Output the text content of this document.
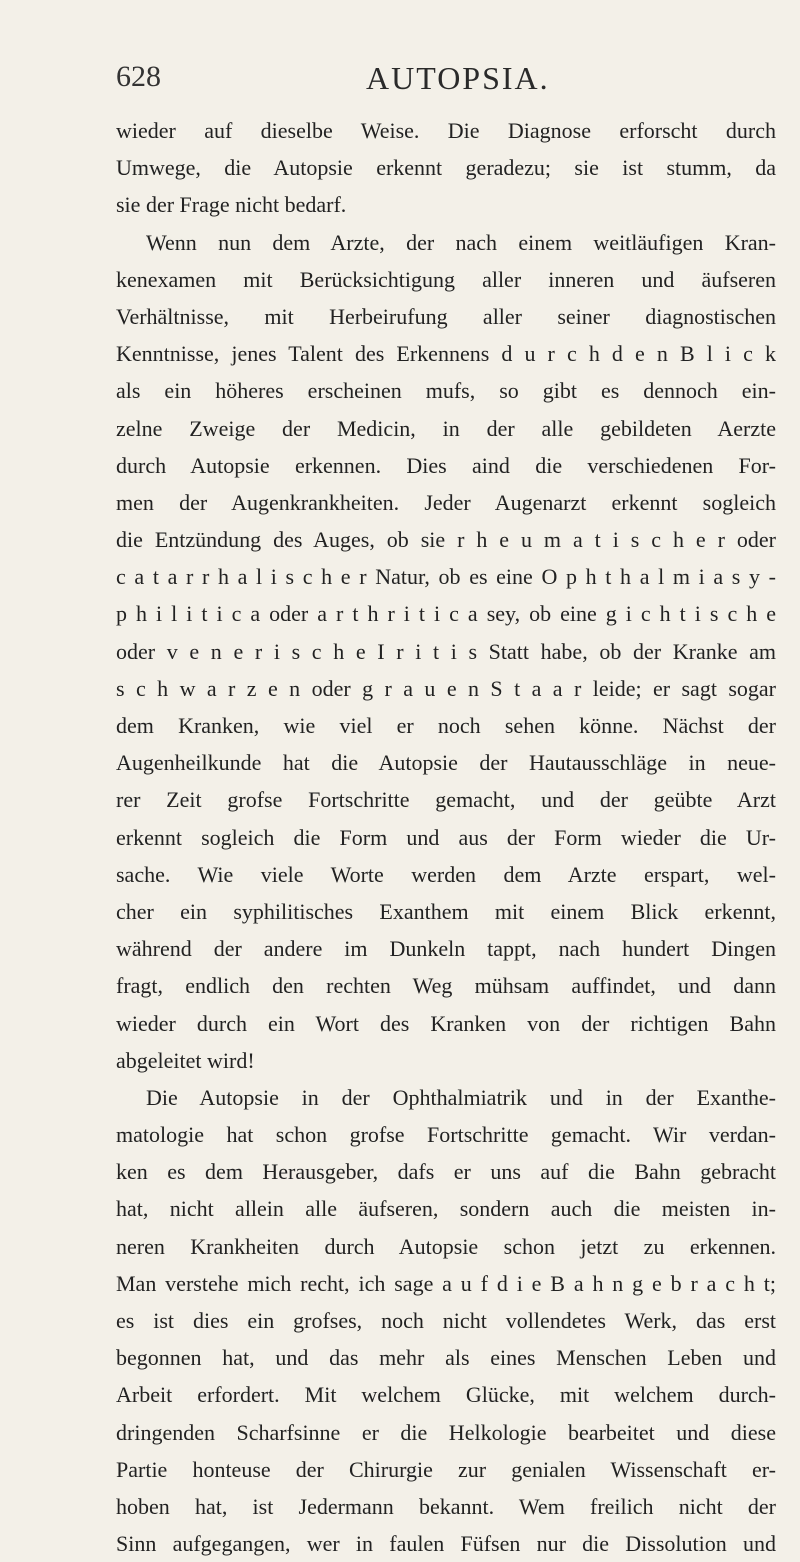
628	AUTOPSIA.
wieder auf dieselbe Weise. Die Diagnose erforscht durch
Umwege, die Autopsie erkennt geradezu; sie ist stumm, da
sie der Frage nicht bedarf.
Wenn nun dem Arzte, der nach einem weitläufigen Kran-
kenexamen mit Berücksichtigung aller inneren und äufseren
Verhältnisse, mit Herbeirufung aller seiner diagnostischen
Kenntnisse, jenes Talent des Erkennens d u r c h d e n B l i c k
als ein höheres erscheinen mufs, so gibt es dennoch ein-
zelne Zweige der Medicin, in der alle gebildeten Aerzte
durch Autopsie erkennen. Dies aind die verschiedenen For-
men der Augenkrankheiten. Jeder Augenarzt erkennt sogleich
die Entzündung des Auges, ob sie r h e u m a t i s c h e r oder
c a t a r r h a l i s c h e r Natur, ob es eine O p h t h a l m i a s y -
p h i l i t i c a oder a r t h r i t i c a sey, ob eine g i c h t i s c h e
oder v e n e r i s c h e I r i t i s Statt habe, ob der Kranke am
s c h w a r z e n oder g r a u e n S t a a r leide; er sagt sogar
dem Kranken, wie viel er noch sehen könne. Nächst der
Augenheilkunde hat die Autopsie der Hautausschläge in neue-
rer Zeit grofse Fortschritte gemacht, und der geübte Arzt
erkennt sogleich die Form und aus der Form wieder die Ur-
sache. Wie viele Worte werden dem Arzte erspart, wel-
cher ein syphilitisches Exanthem mit einem Blick erkennt,
während der andere im Dunkeln tappt, nach hundert Dingen
fragt, endlich den rechten Weg mühsam auffindet, und dann
wieder durch ein Wort des Kranken von der richtigen Bahn
abgeleitet wird!
Die Autopsie in der Ophthalmiatrik und in der Exanthe-
matologie hat schon grofse Fortschritte gemacht. Wir verdan-
ken es dem Herausgeber, dafs er uns auf die Bahn gebracht
hat, nicht allein alle äufseren, sondern auch die meisten in-
neren Krankheiten durch Autopsie schon jetzt zu erkennen.
Man verstehe mich recht, ich sage a u f d i e B a h n g e b r a c h t;
es ist dies ein grofses, noch nicht vollendetes Werk, das erst
begonnen hat, und das mehr als eines Menschen Leben und
Arbeit erfordert. Mit welchem Glücke, mit welchem durch-
dringenden Scharfsinne er die Helkologie bearbeitet und diese
Partie honteuse der Chirurgie zur genialen Wissenschaft er-
hoben hat, ist Jedermann bekannt. Wem freilich nicht der
Sinn aufgegangen, wer in faulen Füfsen nur die Dissolution und
